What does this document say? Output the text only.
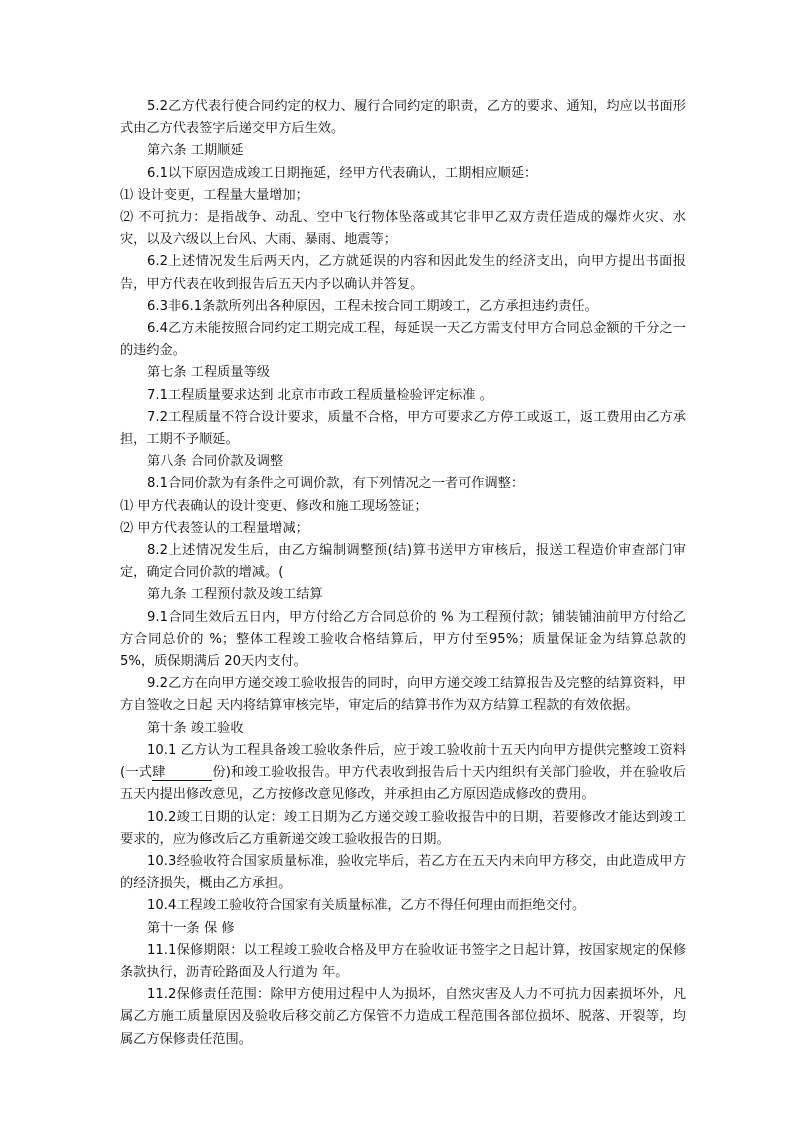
5.2乙方代表行使合同约定的权力、履行合同约定的职责，乙方的要求、通知，均应以书面形式由乙方代表签字后递交甲方后生效。

第六条 工期顺延

6.1以下原因造成竣工日期拖延，经甲方代表确认，工期相应顺延：

⑴ 设计变更，工程量大量增加；

⑵ 不可抗力：是指战争、动乱、空中飞行物体坠落或其它非甲乙双方责任造成的爆炸火灾、水灾，以及六级以上台风、大雨、暴雨、地震等；

6.2上述情况发生后两天内，乙方就延误的内容和因此发生的经济支出，向甲方提出书面报告，甲方代表在收到报告后五天内予以确认并答复。

6.3非6.1条款所列出各种原因，工程未按合同工期竣工，乙方承担违约责任。

6.4乙方未能按照合同约定工期完成工程，每延误一天乙方需支付甲方合同总金额的千分之一的违约金。

第七条 工程质量等级

7.1工程质量要求达到 北京市市政工程质量检验评定标准 。

7.2工程质量不符合设计要求，质量不合格，甲方可要求乙方停工或返工，返工费用由乙方承担，工期不予顺延。

第八条 合同价款及调整

8.1合同价款为有条件之可调价款，有下列情况之一者可作调整：

⑴ 甲方代表确认的设计变更、修改和施工现场签证；

⑵ 甲方代表签认的工程量增减；

8.2上述情况发生后，由乙方编制调整预(结)算书送甲方审核后，报送工程造价审查部门审定，确定合同价款的增减。(

第九条 工程预付款及竣工结算

9.1合同生效后五日内，甲方付给乙方合同总价的 % 为工程预付款；铺装铺油前甲方付给乙方合同总价的 %；整体工程竣工验收合格结算后，甲方付至95%；质量保证金为结算总款的5%，质保期满后 20天内支付。

9.2乙方在向甲方递交竣工验收报告的同时，向甲方递交竣工结算报告及完整的结算资料，甲方自签收之日起 天内将结算审核完毕，审定后的结算书作为双方结算工程款的有效依据。

第十条 竣工验收

10.1 乙方认为工程具备竣工验收条件后，应于竣工验收前十五天内向甲方提供完整竣工资料(一式肆	份)和竣工验收报告。甲方代表收到报告后十天内组织有关部门验收，并在验收后五天内提出修改意见，乙方按修改意见修改，并承担由乙方原因造成修改的费用。

10.2竣工日期的认定：竣工日期为乙方递交竣工验收报告中的日期，若要修改才能达到竣工要求的，应为修改后乙方重新递交竣工验收报告的日期。

10.3经验收符合国家质量标准，验收完毕后，若乙方在五天内未向甲方移交，由此造成甲方的经济损失，概由乙方承担。

10.4工程竣工验收符合国家有关质量标准，乙方不得任何理由而拒绝交付。

第十一条 保 修

11.1保修期限：以工程竣工验收合格及甲方在验收证书签字之日起计算，按国家规定的保修条款执行，沥青砼路面及人行道为 年。

11.2保修责任范围：除甲方使用过程中人为损坏，自然灾害及人力不可抗力因素损坏外，凡属乙方施工质量原因及验收后移交前乙方保管不力造成工程范围各部位损坏、脱落、开裂等，均属乙方保修责任范围。
